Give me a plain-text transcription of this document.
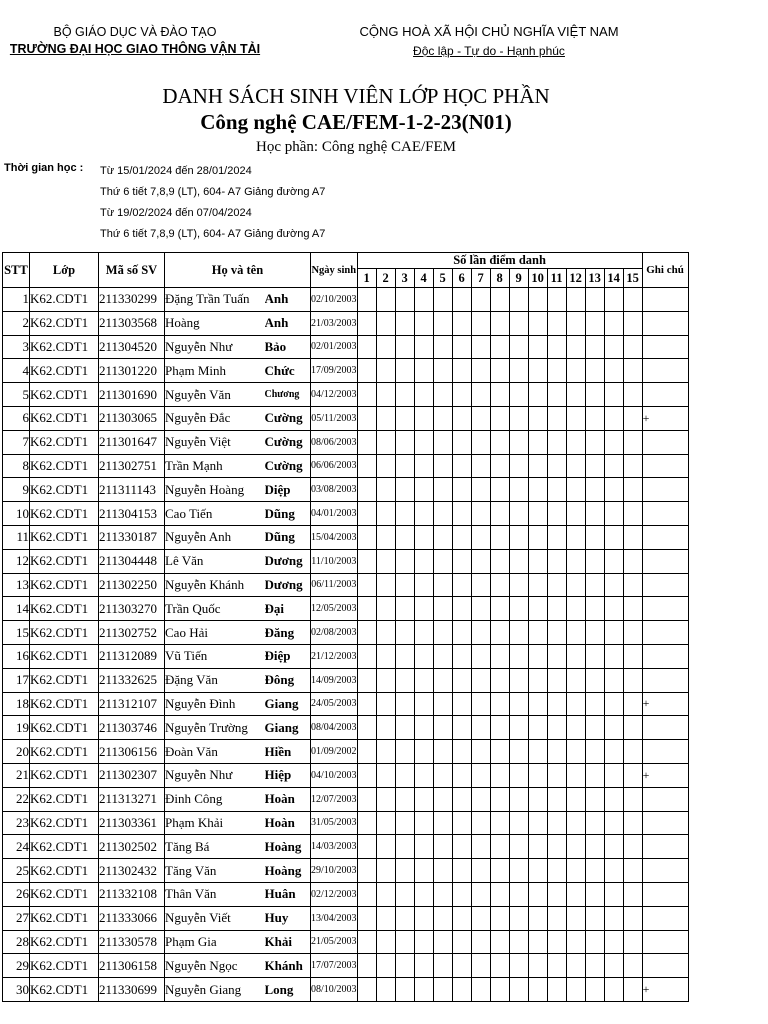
BỘ GIÁO DỤC VÀ ĐÀO TẠO
TRƯỜNG ĐẠI HỌC GIAO THÔNG VẬN TẢI
CỘNG HOÀ XÃ HỘI CHỦ NGHĨA VIỆT NAM
Độc lập - Tự do - Hạnh phúc
DANH SÁCH SINH VIÊN LỚP HỌC PHẦN
Công nghệ CAE/FEM-1-2-23(N01)
Học phần: Công nghệ CAE/FEM
Thời gian học : Từ 15/01/2024 đến 28/01/2024
Thứ 6 tiết 7,8,9 (LT), 604- A7 Giảng đường A7
Từ 19/02/2024 đến 07/04/2024
Thứ 6 tiết 7,8,9 (LT), 604- A7 Giảng đường A7
STT	Lớp	Mã số SV	Họ và tên		Ngày sinh	Số lần điểm danh															Ghi chú
						1	2	3	4	5	6	7	8	9	10	11	12	13	14	15	
1	K62.CDT1	211330299	Đặng Trần Tuấn	Anh	02/10/2003																
2	K62.CDT1	211303568	Hoàng	Anh	21/03/2003																
3	K62.CDT1	211304520	Nguyễn Như	Bảo	02/01/2003																
4	K62.CDT1	211301220	Phạm Minh	Chức	17/09/2003																
5	K62.CDT1	211301690	Nguyễn Văn	Chương	04/12/2003																
6	K62.CDT1	211303065	Nguyễn Đắc	Cường	05/11/2003																+
7	K62.CDT1	211301647	Nguyễn Việt	Cường	08/06/2003																
8	K62.CDT1	211302751	Trần Mạnh	Cường	06/06/2003																
9	K62.CDT1	211311143	Nguyễn Hoàng	Diệp	03/08/2003																
10	K62.CDT1	211304153	Cao Tiến	Dũng	04/01/2003																
11	K62.CDT1	211330187	Nguyễn Anh	Dũng	15/04/2003																
12	K62.CDT1	211304448	Lê Văn	Dương	11/10/2003																
13	K62.CDT1	211302250	Nguyễn Khánh	Dương	06/11/2003																
14	K62.CDT1	211303270	Trần Quốc	Đại	12/05/2003																
15	K62.CDT1	211302752	Cao Hải	Đăng	02/08/2003																
16	K62.CDT1	211312089	Vũ Tiến	Điệp	21/12/2003																
17	K62.CDT1	211332625	Đặng Văn	Đông	14/09/2003																
18	K62.CDT1	211312107	Nguyễn Đình	Giang	24/05/2003																+
19	K62.CDT1	211303746	Nguyễn Trường	Giang	08/04/2003																
20	K62.CDT1	211306156	Đoàn Văn	Hiền	01/09/2002																
21	K62.CDT1	211302307	Nguyễn Như	Hiệp	04/10/2003																+
22	K62.CDT1	211313271	Đinh Công	Hoàn	12/07/2003																
23	K62.CDT1	211303361	Phạm Khải	Hoàn	31/05/2003																
24	K62.CDT1	211302502	Tăng Bá	Hoàng	14/03/2003																
25	K62.CDT1	211302432	Tăng Văn	Hoàng	29/10/2003																
26	K62.CDT1	211332108	Thân Văn	Huân	02/12/2003																
27	K62.CDT1	211333066	Nguyễn Viết	Huy	13/04/2003																
28	K62.CDT1	211330578	Phạm Gia	Khải	21/05/2003																
29	K62.CDT1	211306158	Nguyễn Ngọc	Khánh	17/07/2003																
30	K62.CDT1	211330699	Nguyễn Giang	Long	08/10/2003																+
